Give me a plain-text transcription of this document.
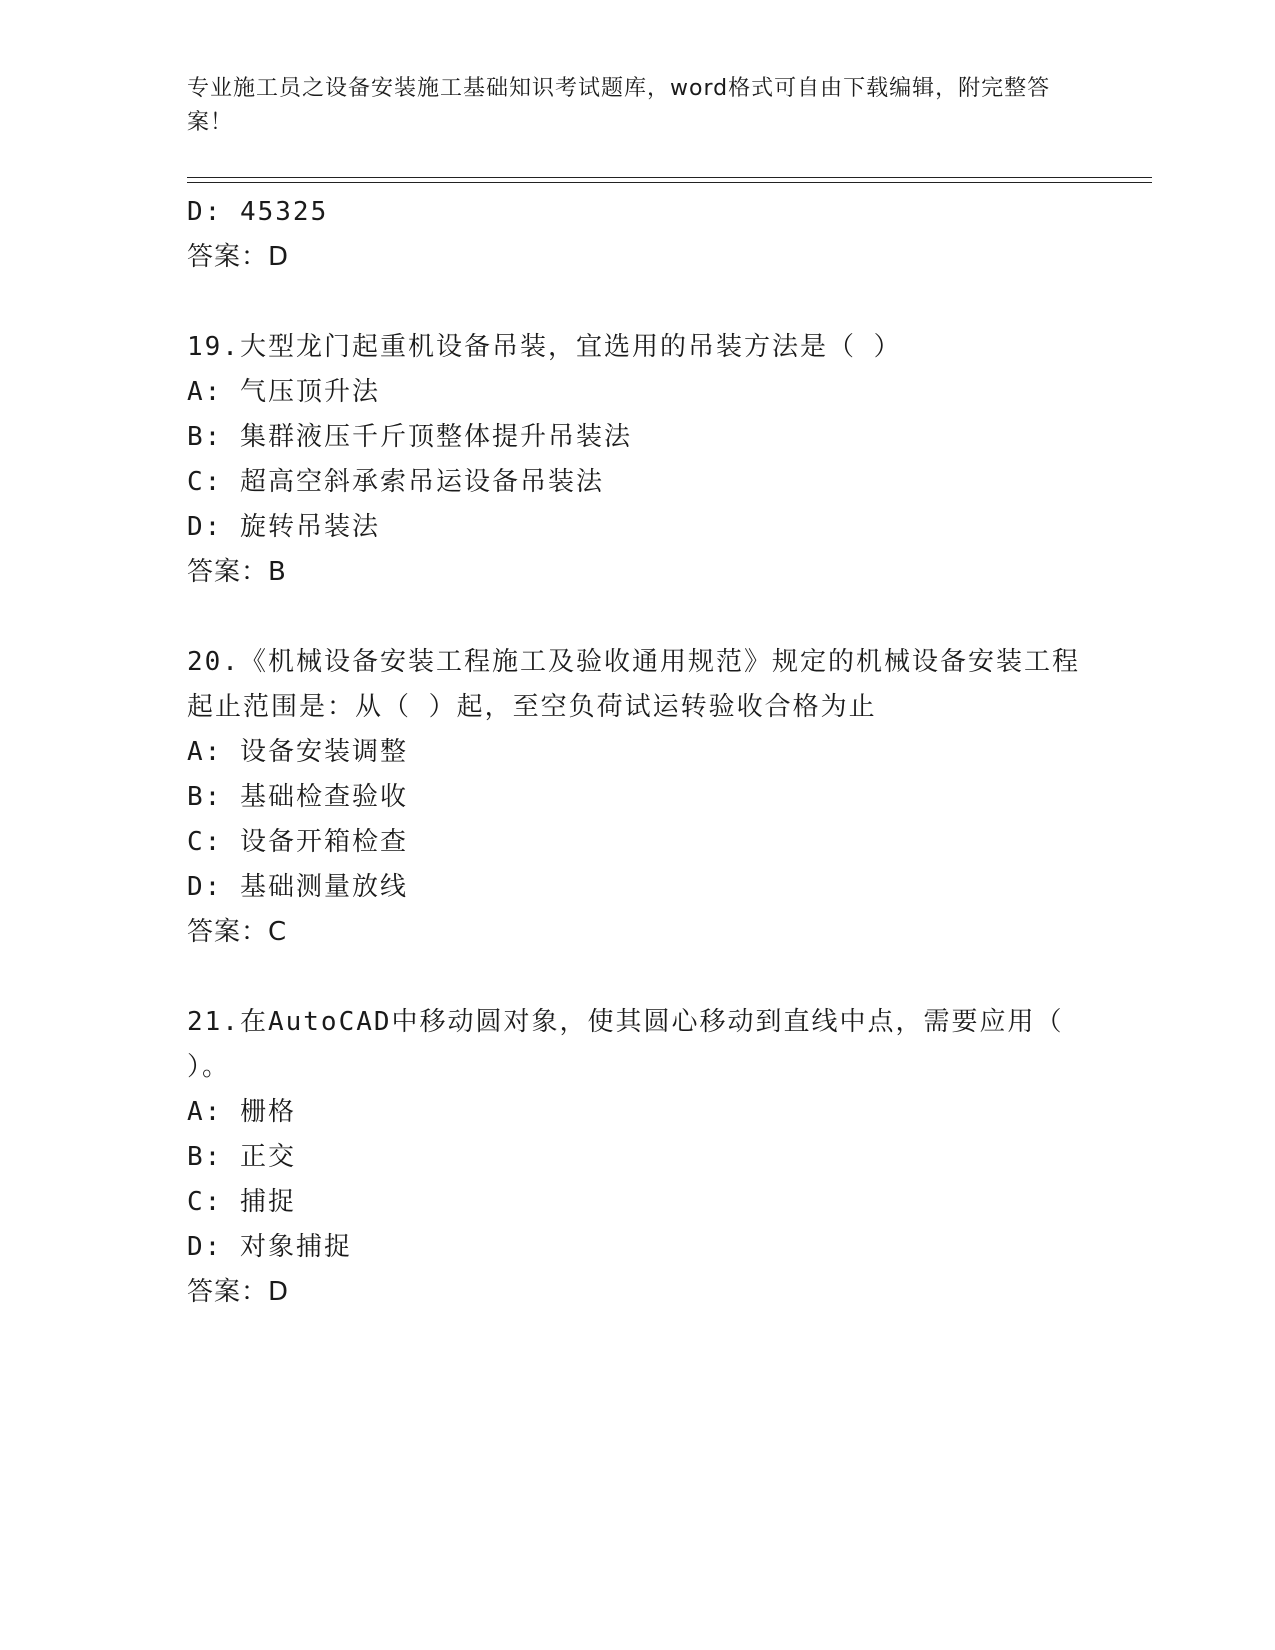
专业施工员之设备安装施工基础知识考试题库，word格式可自由下载编辑，附完整答案！
D: 45325
答案：D
19.大型龙门起重机设备吊装，宜选用的吊装方法是（ ）
A: 气压顶升法
B: 集群液压千斤顶整体提升吊装法
C: 超高空斜承索吊运设备吊装法
D: 旋转吊装法
答案：B
20.《机械设备安装工程施工及验收通用规范》规定的机械设备安装工程起止范围是：从（ ）起，至空负荷试运转验收合格为止
A: 设备安装调整
B: 基础检查验收
C: 设备开箱检查
D: 基础测量放线
答案：C
21.在AutoCAD中移动圆对象，使其圆心移动到直线中点，需要应用（ ）。
A: 栅格
B: 正交
C: 捕捉
D: 对象捕捉
答案：D
